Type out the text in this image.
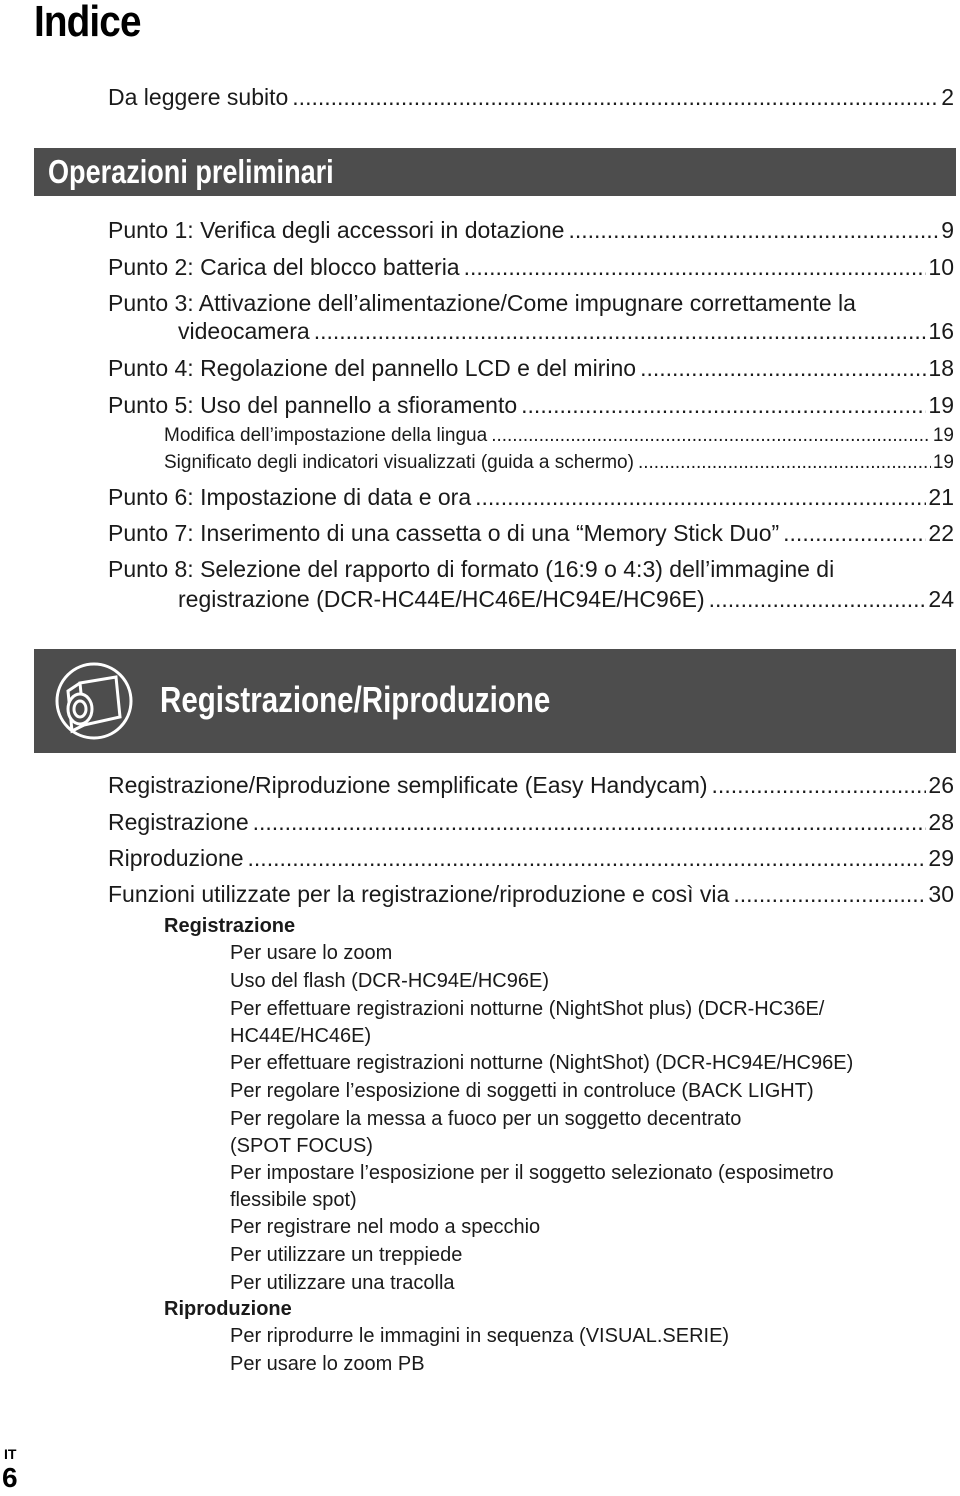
Indice
Da leggere subito .....	2
Operazioni preliminari
Punto 1: Verifica degli accessori in dotazione .....	9
Punto 2: Carica del blocco batteria .....	10
Punto 3: Attivazione dell’alimentazione/Come impugnare correttamente la
videocamera .....	16
Punto 4: Regolazione del pannello LCD e del mirino .....	18
Punto 5: Uso del pannello a sfioramento .....	19
Modifica dell’impostazione della lingua .....	19
Significato degli indicatori visualizzati (guida a schermo) .....	19
Punto 6: Impostazione di data e ora .....	21
Punto 7: Inserimento di una cassetta o di una “Memory Stick Duo” .....	22
Punto 8: Selezione del rapporto di formato (16:9 o 4:3) dell’immagine di
registrazione (DCR-HC44E/HC46E/HC94E/HC96E) .....	24
Registrazione/Riproduzione
Registrazione/Riproduzione semplificate (Easy Handycam) .....	26
Registrazione .....	28
Riproduzione .....	29
Funzioni utilizzate per la registrazione/riproduzione e così via .....	30
Registrazione
Per usare lo zoom
Uso del flash (DCR-HC94E/HC96E)
Per effettuare registrazioni notturne (NightShot plus) (DCR-HC36E/
HC44E/HC46E)
Per effettuare registrazioni notturne (NightShot) (DCR-HC94E/HC96E)
Per regolare l’esposizione di soggetti in controluce (BACK LIGHT)
Per regolare la messa a fuoco per un soggetto decentrato
(SPOT FOCUS)
Per impostare l’esposizione per il soggetto selezionato (esposimetro
flessibile spot)
Per registrare nel modo a specchio
Per utilizzare un treppiede
Per utilizzare una tracolla
Riproduzione
Per riprodurre le immagini in sequenza (VISUAL.SERIE)
Per usare lo zoom PB
IT
6
